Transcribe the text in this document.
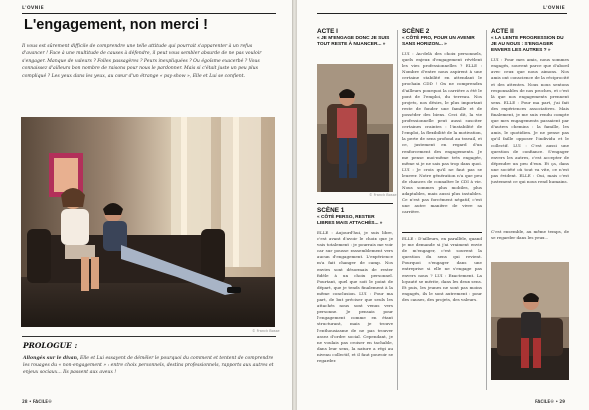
L'OVNIE
L'engagement, non merci !

Il vous est sûrement difficile de comprendre une telle attitude qui pourrait s'apparenter à un refus d'avancer ! Face à une multitude de causes à défendre, il peut vous sembler absurde de ne pas vouloir s'engager. Manque de valeurs ? Folles passagères ? Peurs inexpliquées ? Ou égoïsme exacerbé ? Vous connaissez d'ailleurs bon nombre de raisons pour nous le pardonner. Mais si c'était juste un peu plus compliqué ? Les yeux dans les yeux, au cœur d'un étrange « psy-show », Elle et Lui se confient.

© Franck Bosse
PROLOGUE :

Allongés sur le divan, Elle et Lui essayent de démêler le pourquoi du comment et tentent de comprendre les rouages du « non-engagement » : entre choix personnels, destins professionnels, rapports aux autres et enjeux sociaux... Ils passent aux aveux !

28 • FACILE®
L'OVNIE

ACTE I

« JE M'ENGAGE DONC JE SUIS TOUT RESTE À NUANCER... »

© Franck Bosse

SCÈNE 1

« CÔTÉ PERSO, RESTER LIBRES MAIS ATTACHÉS... »

ELLE : Aujourd'hui, je suis libre, c'est avant d'avoir le choix que je vais totalement : je pourrais me voir car sur pousse rassemblement vers aucun d'engagement. L'expérience m'a fait changer de camp. Nos envies sont désormais de rester fidèle à un choix personnel. Pourtant, quel que soit le point de départ, que je tends finalement à la même conclusion. LUI : Pour ma part, de but préciser que seuls les attachés nous sont venus vers personne. Je pensais pour l'engagement comme en étant structurant, mais je trouve l'enthousiasme de ne pas trouver assez d'ordre social. Cependant, je ne voulais pas croiser en tachable, dans leur sens, la nature a régi au niveau collectif, et il faut pouvoir se regarder.

SCÈNE 2

« CÔTÉ PRO, POUR UN AVENIR SANS HORIZON... »

LUI : Au-delà des choix personnels, quels enjeux d'engagement révèlent les vies professionnelles ? ELLE : Nombre d'entre nous aspirent à une certaine stabilité en attendant le prochain CDD ! On ne comprendra d'ailleurs pourquoi la carrière a été le pont de l'emploi, du terreau. Nos projets, nos désirs, le plus important reste de fonder une famille et de posséder des biens. Ceci dit, la vie professionnelle peut aussi susciter certaines craintes : l'instabilité de l'emploi, la flexibilité de la motivation, la perte de sens profond au travail, et ce, justement en regard d'un renforcement des engagements. Je me pense moi-même très engagée, même si je ne sais pas trop dans quoi. LUI : Je crois qu'il ne faut pas se leurrer. Notre génération n'a que peu de chances de connaître le CDI à vie. Nous sommes plus mobiles, plus adaptables, mais aussi plus instables. Ce n'est pas forcément négatif, c'est une autre manière de vivre sa carrière.

ELLE : D'ailleurs, en parallèle, quand je me demande si j'ai vraiment envie de m'engager, c'est souvent la question du sens qui revient. Pourquoi s'engager dans une entreprise si elle ne s'engage pas envers nous ? LUI : Exactement. La loyauté se mérite, dans les deux sens. Et puis, les jeunes ne sont pas moins engagés, ils le sont autrement : pour des causes, des projets, des valeurs.

ACTE II

« LA LENTE PROGRESSION DU JE AU NOUS : S'ENGAGER ENVERS LES AUTRES ? »

LUI : Pour mes amis, nous sommes engagés, souvent parce que d'abord avec ceux que nous aimons. Nos amis ont conscience de la réciprocité et des attentes. Nous nous sentons responsables de nos proches, et c'est là que nos engagements prennent sens. ELLE : Pour ma part, j'ai fait des expériences associatives. Mais finalement, je me suis rendu compte que mes engagements passaient par d'autres chemins : la famille, les amis, le quotidien. Je ne pense pas qu'il faille opposer l'individu et le collectif. LUI : C'est aussi une question de confiance. S'engager envers les autres, c'est accepter de dépendre un peu d'eux. Et ça, dans une société où tout va vite, ce n'est pas évident. ELLE : Oui, mais c'est justement ce qui nous rend humains.

C'est ensemble, au même temps, de se regarder dans les yeux...

FACILE® • 29
